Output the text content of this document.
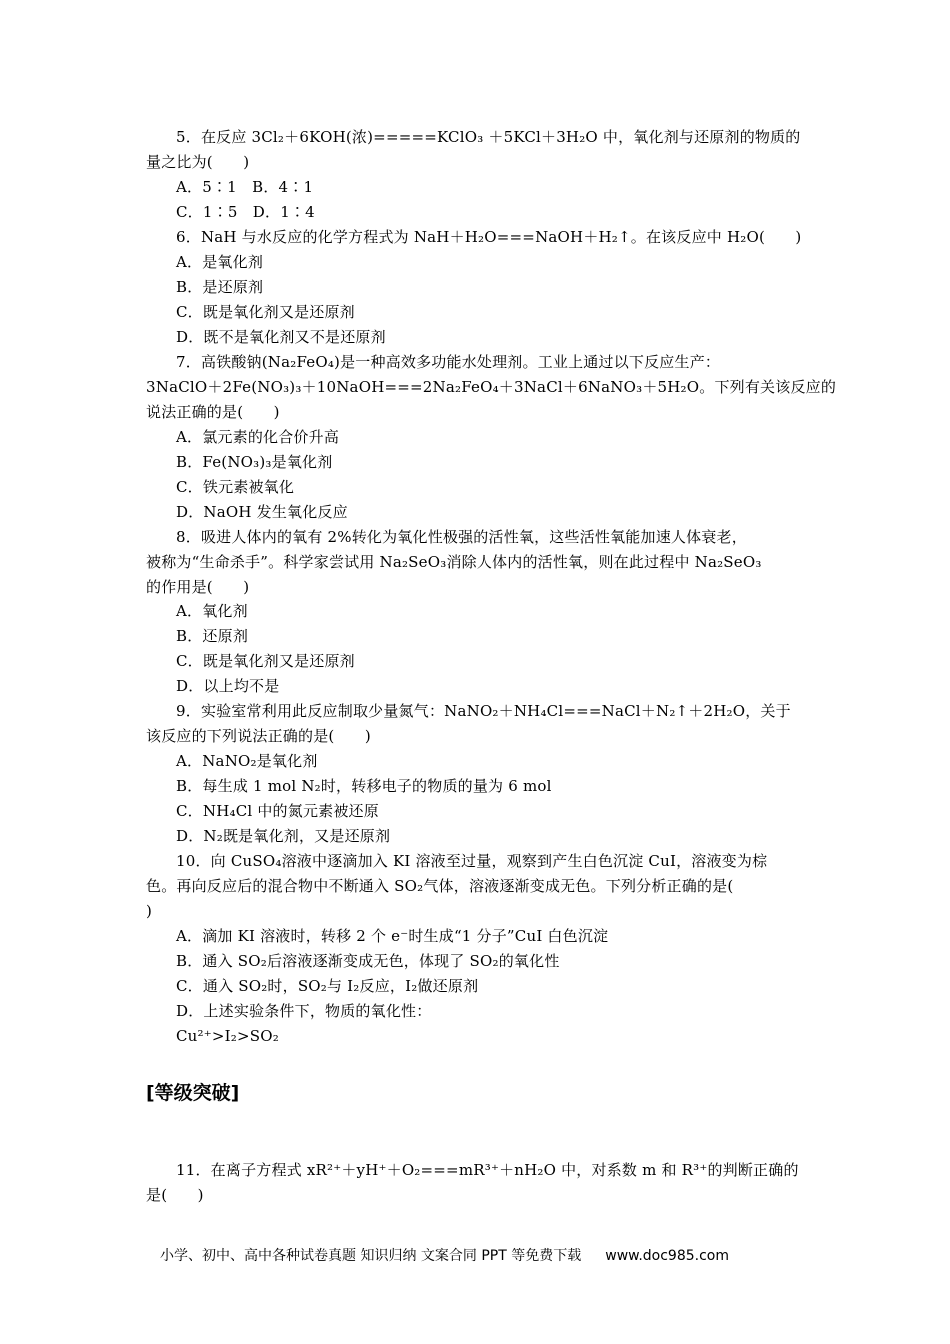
5．在反应 3Cl₂＋6KOH(浓)=====KClO₃ ＋5KCl＋3H₂O 中，氧化剂与还原剂的物质的
量之比为(　　)
A．5∶1　B．4∶1
C．1∶5　D．1∶4
6．NaH 与水反应的化学方程式为 NaH＋H₂O===NaOH＋H₂↑。在该反应中 H₂O(　　)
A．是氧化剂
B．是还原剂
C．既是氧化剂又是还原剂
D．既不是氧化剂又不是还原剂
7．高铁酸钠(Na₂FeO₄)是一种高效多功能水处理剂。工业上通过以下反应生产：
3NaClO＋2Fe(NO₃)₃＋10NaOH===2Na₂FeO₄＋3NaCl＋6NaNO₃＋5H₂O。下列有关该反应的
说法正确的是(　　)
A．氯元素的化合价升高
B．Fe(NO₃)₃是氧化剂
C．铁元素被氧化
D．NaOH 发生氧化反应
8．吸进人体内的氧有 2%转化为氧化性极强的活性氧，这些活性氧能加速人体衰老，
被称为“生命杀手”。科学家尝试用 Na₂SeO₃消除人体内的活性氧，则在此过程中 Na₂SeO₃
的作用是(　　)
A．氧化剂
B．还原剂
C．既是氧化剂又是还原剂
D．以上均不是
9．实验室常利用此反应制取少量氮气：NaNO₂＋NH₄Cl===NaCl＋N₂↑＋2H₂O，关于
该反应的下列说法正确的是(　　)
A．NaNO₂是氧化剂
B．每生成 1 mol N₂时，转移电子的物质的量为 6 mol
C．NH₄Cl 中的氮元素被还原
D．N₂既是氧化剂，又是还原剂
10．向 CuSO₄溶液中逐滴加入 KI 溶液至过量，观察到产生白色沉淀 CuI，溶液变为棕
色。再向反应后的混合物中不断通入 SO₂气体，溶液逐渐变成无色。下列分析正确的是(
)
A．滴加 KI 溶液时，转移 2 个 e⁻时生成“1 分子”CuI 白色沉淀
B．通入 SO₂后溶液逐渐变成无色，体现了 SO₂的氧化性
C．通入 SO₂时，SO₂与 I₂反应，I₂做还原剂
D．上述实验条件下，物质的氧化性：
Cu²⁺>I₂>SO₂
[等级突破]
11．在离子方程式 xR²⁺＋yH⁺＋O₂===mR³⁺＋nH₂O 中，对系数 m 和 R³⁺的判断正确的
是(　　)
小学、初中、高中各种试卷真题 知识归纳 文案合同 PPT 等免费下载 www.doc985.com
